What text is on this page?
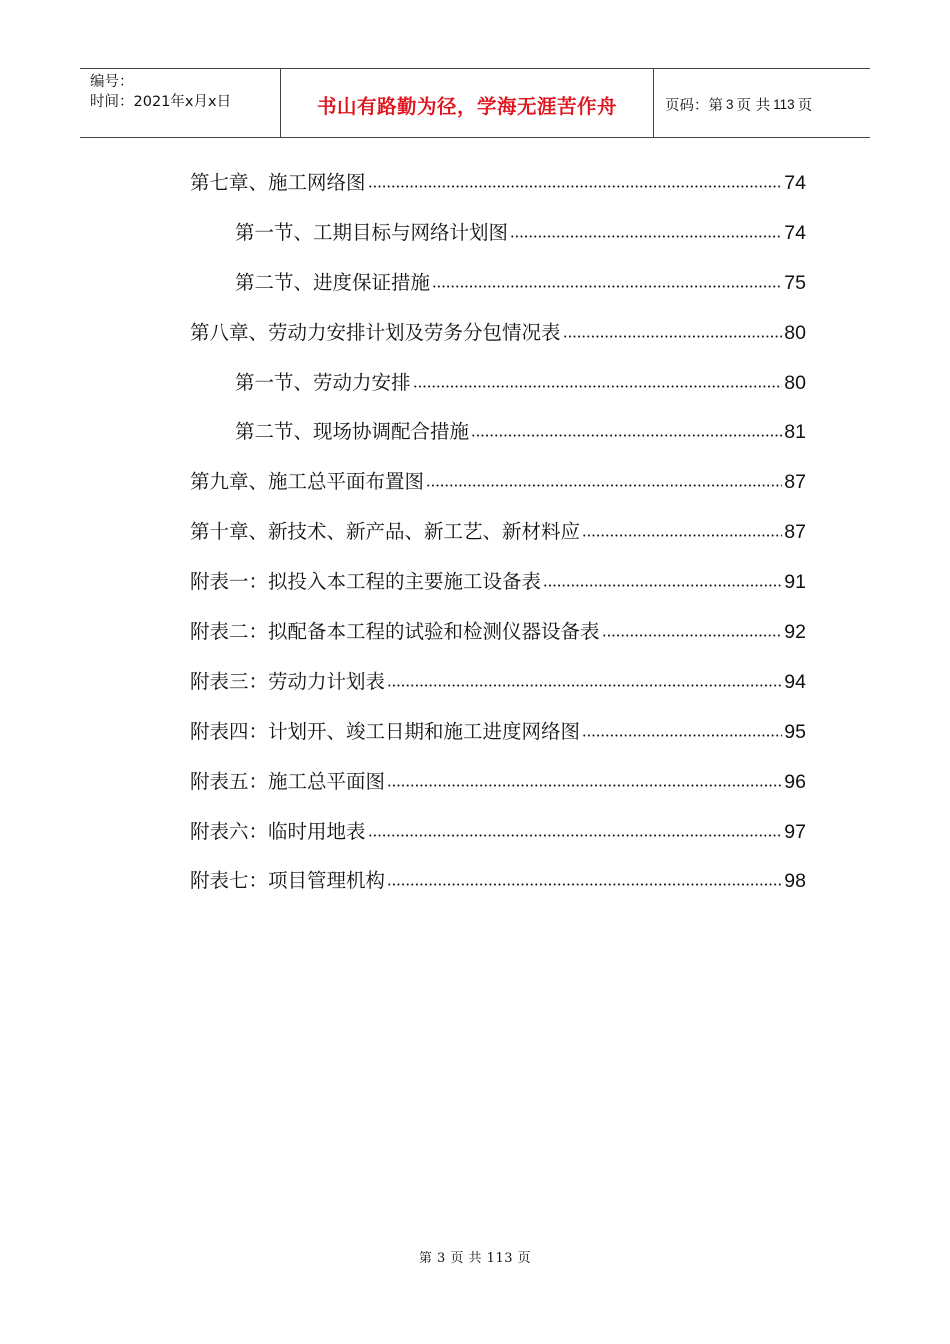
编号：
时间：2021年x月x日	书山有路勤为径，学海无涯苦作舟	页码：第 3 页 共 113 页
第七章、施工网络图	74
第一节、工期目标与网络计划图	74
第二节、进度保证措施	75
第八章、劳动力安排计划及劳务分包情况表	80
第一节、劳动力安排	80
第二节、现场协调配合措施	81
第九章、施工总平面布置图	87
第十章、新技术、新产品、新工艺、新材料应	87
附表一：拟投入本工程的主要施工设备表	91
附表二：拟配备本工程的试验和检测仪器设备表	92
附表三：劳动力计划表	94
附表四：计划开、竣工日期和施工进度网络图	95
附表五：施工总平面图	96
附表六：临时用地表	97
附表七：项目管理机构	98
第 3 页 共 113 页
